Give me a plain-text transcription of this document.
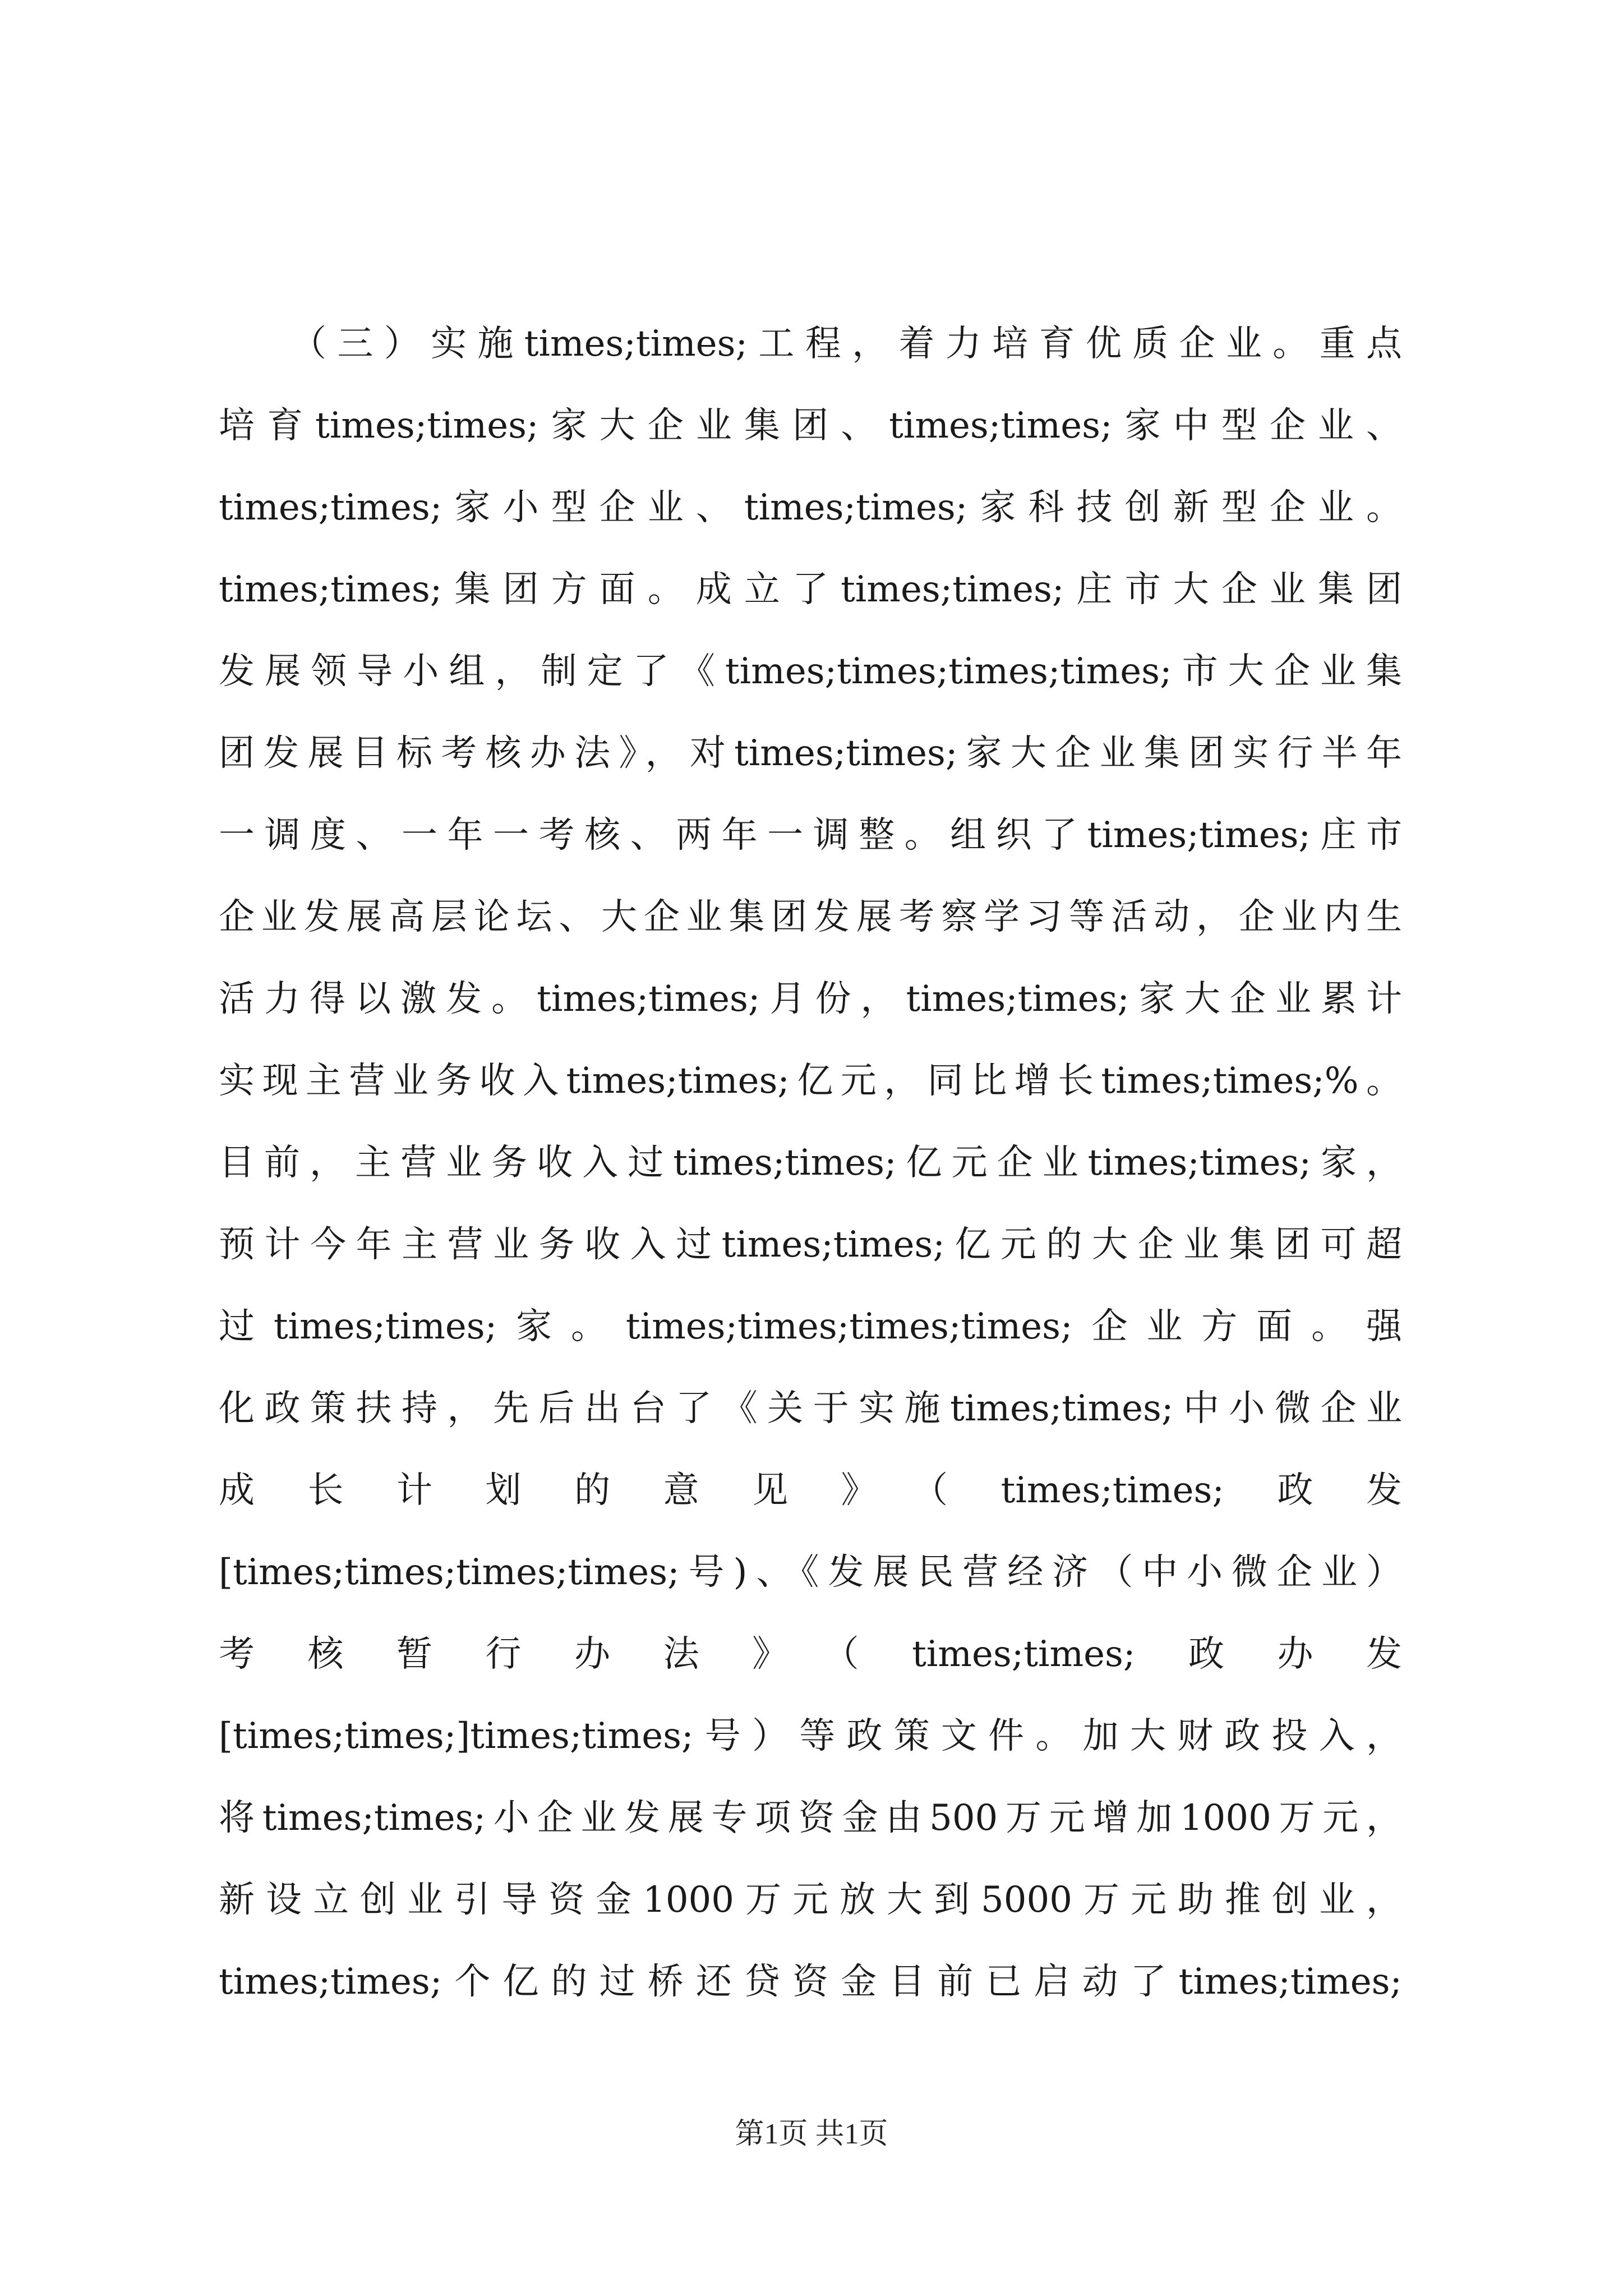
（三）实施times;times;工程，着力培育优质企业。重点
培育times;times;家大企业集团、times;times;家中型企业、
times;times;家小型企业、times;times;家科技创新型企业。
times;times;集团方面。成立了times;times;庄市大企业集团
发展领导小组，制定了《times;times;times;times;市大企业集
团发展目标考核办法》，对times;times;家大企业集团实行半年
一调度、一年一考核、两年一调整。组织了times;times;庄市
企业发展高层论坛、大企业集团发展考察学习等活动，企业内生
活力得以激发。times;times;月份，times;times;家大企业累计
实现主营业务收入times;times;亿元，同比增长times;times;%。
目前，主营业务收入过times;times;亿元企业times;times;家，
预计今年主营业务收入过times;times;亿元的大企业集团可超
过times;times;家。times;times;times;times;企业方面。强
化政策扶持，先后出台了《关于实施times;times;中小微企业
成长计划的意见》（times;times;政发
[times;times;times;times;号)、《发展民营经济（中小微企业）
考核暂行办法》（times;times;政办发
[times;times;]times;times;号）等政策文件。加大财政投入，
将times;times;小企业发展专项资金由500万元增加1000万元，
新设立创业引导资金1000万元放大到5000万元助推创业，
times;times;个亿的过桥还贷资金目前已启动了times;times;
第1页 共1页
